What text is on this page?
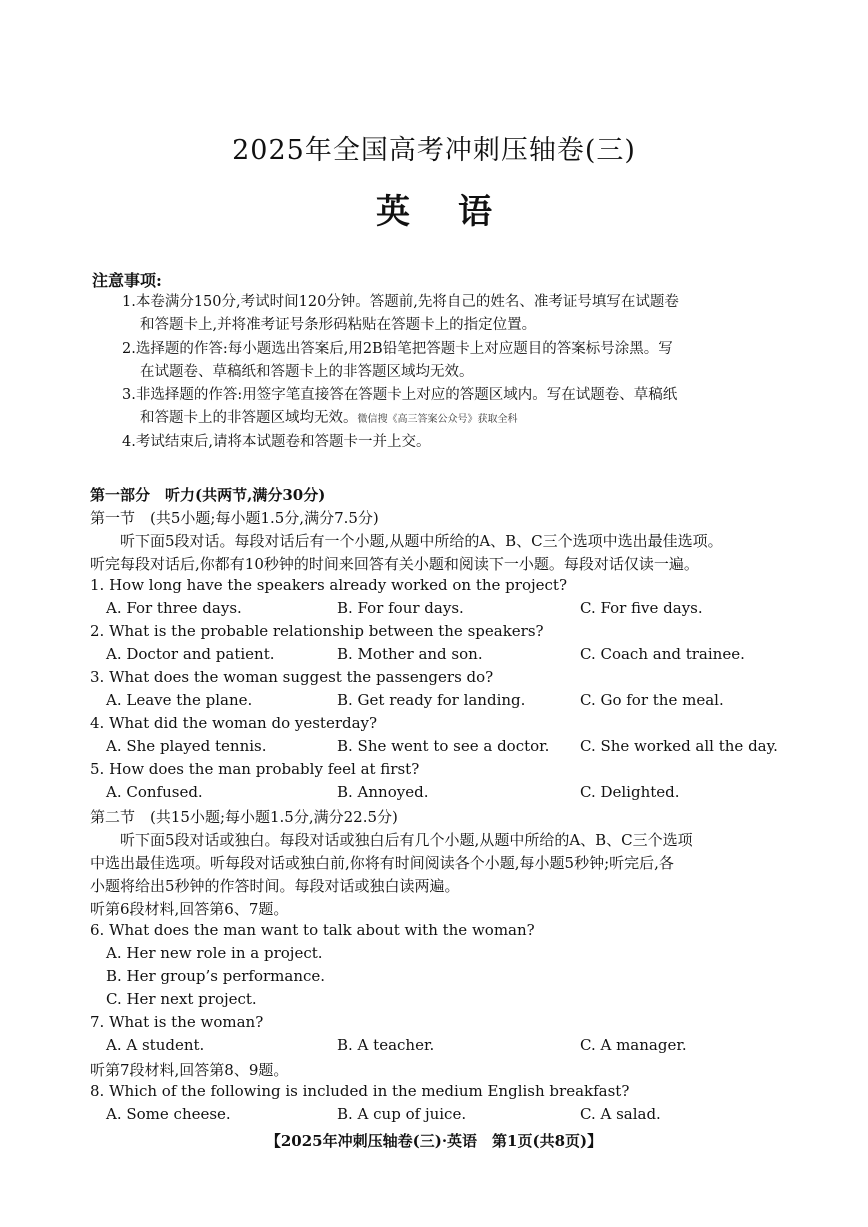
2025年全国高考冲刺压轴卷(三)
英语
注意事项:
1.本卷满分150分,考试时间120分钟。答题前,先将自己的姓名、准考证号填写在试题卷
和答题卡上,并将准考证号条形码粘贴在答题卡上的指定位置。
2.选择题的作答:每小题选出答案后,用2B铅笔把答题卡上对应题目的答案标号涂黑。写
在试题卷、草稿纸和答题卡上的非答题区域均无效。
3.非选择题的作答:用签字笔直接答在答题卡上对应的答题区域内。写在试题卷、草稿纸
和答题卡上的非答题区域均无效。微信搜《高三答案公众号》获取全科
4.考试结束后,请将本试题卷和答题卡一并上交。
第一部分　听力(共两节,满分30分)
第一节　(共5小题;每小题1.5分,满分7.5分)
　　听下面5段对话。每段对话后有一个小题,从题中所给的A、B、C三个选项中选出最佳选项。
听完每段对话后,你都有10秒钟的时间来回答有关小题和阅读下一小题。每段对话仅读一遍。
1. How long have the speakers already worked on the project?
A. For three days.	B. For four days.	C. For five days.
2. What is the probable relationship between the speakers?
A. Doctor and patient.	B. Mother and son.	C. Coach and trainee.
3. What does the woman suggest the passengers do?
A. Leave the plane.	B. Get ready for landing.	C. Go for the meal.
4. What did the woman do yesterday?
A. She played tennis.	B. She went to see a doctor. C. She worked all the day.
5. How does the man probably feel at first?
A. Confused.	B. Annoyed.	C. Delighted.
第二节　(共15小题;每小题1.5分,满分22.5分)
　　听下面5段对话或独白。每段对话或独白后有几个小题,从题中所给的A、B、C三个选项
中选出最佳选项。听每段对话或独白前,你将有时间阅读各个小题,每小题5秒钟;听完后,各
小题将给出5秒钟的作答时间。每段对话或独白读两遍。
听第6段材料,回答第6、7题。
6. What does the man want to talk about with the woman?
A. Her new role in a project.
B. Her group’s performance.
C. Her next project.
7. What is the woman?
A. A student.	B. A teacher.	C. A manager.
听第7段材料,回答第8、9题。
8. Which of the following is included in the medium English breakfast?
A. Some cheese.	B. A cup of juice.	C. A salad.
【2025年冲刺压轴卷(三)·英语　第1页(共8页)】
